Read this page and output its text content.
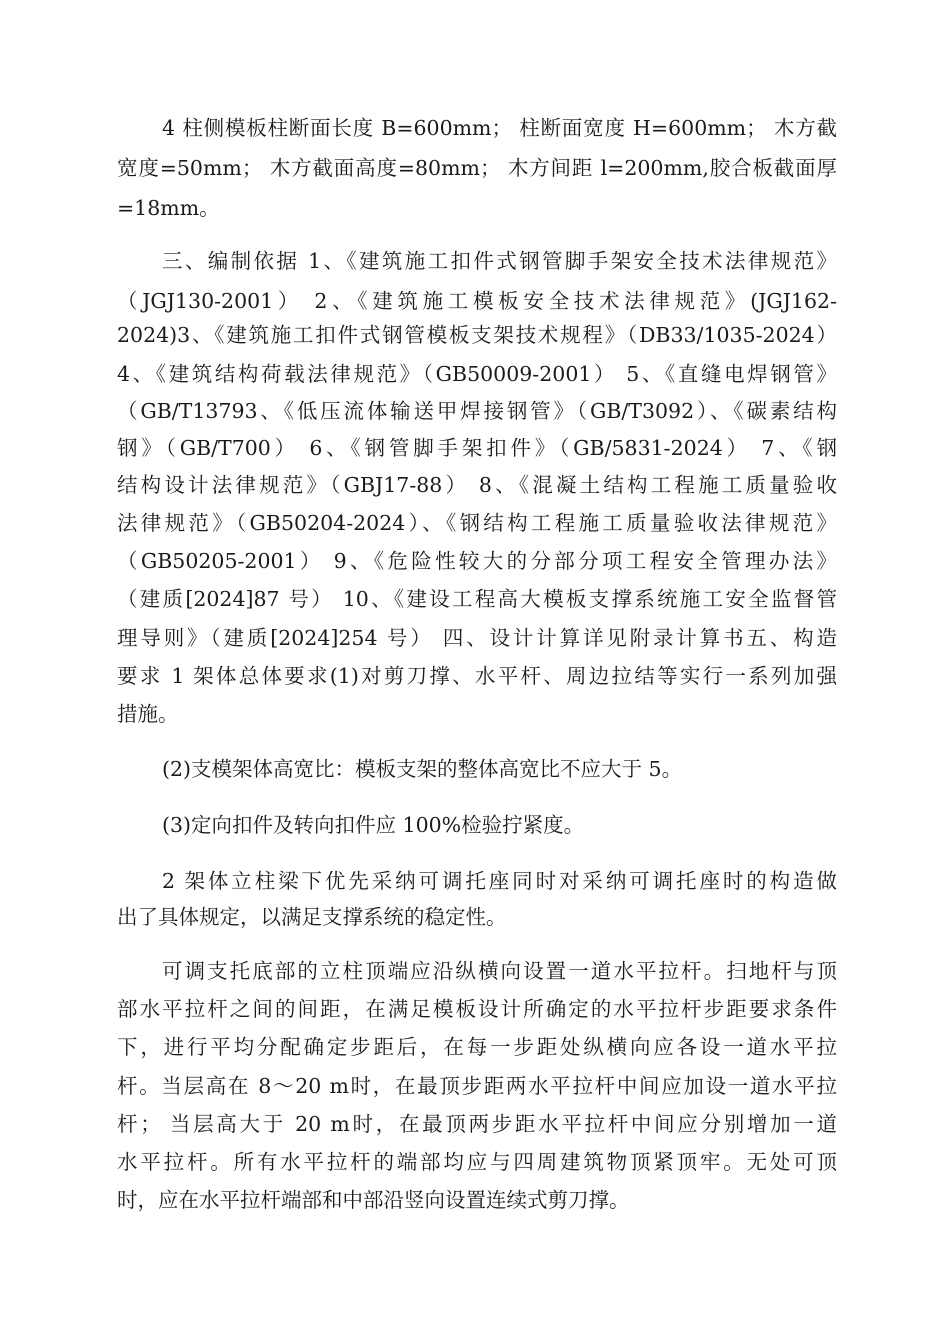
4 柱侧模板柱断面长度 B=600mm； 柱断面宽度 H=600mm； 木方截
宽度=50mm； 木方截面高度=80mm； 木方间距 l=200mm,胶合板截面厚
=18mm。
三、编制依据 1、《建筑施工扣件式钢管脚手架安全技术法律规范》
（JGJ130-2001） 2、《建筑施工模板安全技术法律规范》(JGJ162-
2024)3、《建筑施工扣件式钢管模板支架技术规程》（DB33/1035-2024）
4、《建筑结构荷载法律规范》（GB50009-2001） 5、《直缝电焊钢管》
（GB/T13793、《低压流体输送甲焊接钢管》（GB/T3092）、《碳素结构
钢》（GB/T700） 6、《钢管脚手架扣件》（GB/5831-2024） 7、《钢
结构设计法律规范》（GBJ17-88） 8、《混凝土结构工程施工质量验收
法律规范》（GB50204-2024）、《钢结构工程施工质量验收法律规范》
（GB50205-2001） 9、《危险性较大的分部分项工程安全管理办法》
（建质[2024]87 号） 10、《建设工程高大模板支撑系统施工安全监督管
理导则》（建质[2024]254 号） 四、设计计算详见附录计算书五、构造
要求 1 架体总体要求(1)对剪刀撑、水平杆、周边拉结等实行一系列加强
措施。
(2)支模架体高宽比：模板支架的整体高宽比不应大于 5。
(3)定向扣件及转向扣件应 100%检验拧紧度。
2 架体立柱梁下优先采纳可调托座同时对采纳可调托座时的构造做
出了具体规定，以满足支撑系统的稳定性。
可调支托底部的立柱顶端应沿纵横向设置一道水平拉杆。扫地杆与顶
部水平拉杆之间的间距，在满足模板设计所确定的水平拉杆步距要求条件
下，进行平均分配确定步距后，在每一步距处纵横向应各设一道水平拉
杆。当层高在 8～20 m时，在最顶步距两水平拉杆中间应加设一道水平拉
杆； 当层高大于 20 m时，在最顶两步距水平拉杆中间应分别增加一道
水平拉杆。所有水平拉杆的端部均应与四周建筑物顶紧顶牢。无处可顶
时，应在水平拉杆端部和中部沿竖向设置连续式剪刀撑。
